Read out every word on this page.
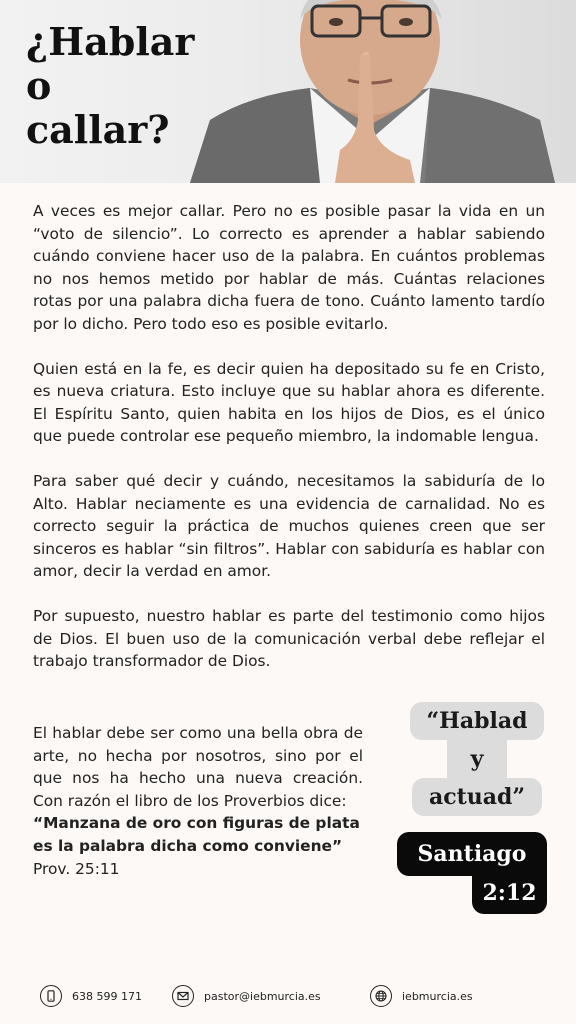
¿Hablar
o
callar?

A veces es mejor callar. Pero no es posible pasar la vida en un “voto de silencio”. Lo correcto es aprender a hablar sabiendo cuándo conviene hacer uso de la palabra. En cuántos problemas no nos hemos metido por hablar de más. Cuántas relaciones rotas por una palabra dicha fuera de tono. Cuánto lamento tardío por lo dicho. Pero todo eso es posible evitarlo.

Quien está en la fe, es decir quien ha depositado su fe en Cristo, es nueva criatura. Esto incluye que su hablar ahora es diferente. El Espíritu Santo, quien habita en los hijos de Dios, es el único que puede controlar ese pequeño miembro, la indomable lengua.

Para saber qué decir y cuándo, necesitamos la sabiduría de lo Alto. Hablar neciamente es una evidencia de carnalidad. No es correcto seguir la práctica de muchos quienes creen que ser sinceros es hablar “sin filtros”. Hablar con sabiduría es hablar con amor, decir la verdad en amor.

Por supuesto, nuestro hablar es parte del testimonio como hijos de Dios. El buen uso de la comunicación verbal debe reflejar el trabajo transformador de Dios.

El hablar debe ser como una bella obra de arte, no hecha por nosotros, sino por el que nos ha hecho una nueva creación. Con razón el libro de los Proverbios dice:

“Manzana de oro con figuras de plata es la palabra dicha como conviene”

Prov. 25:11

“Hablad
y
actuad”
Santiago
2:12
638 599 171	pastor@iebmurcia.es	iebmurcia.es
